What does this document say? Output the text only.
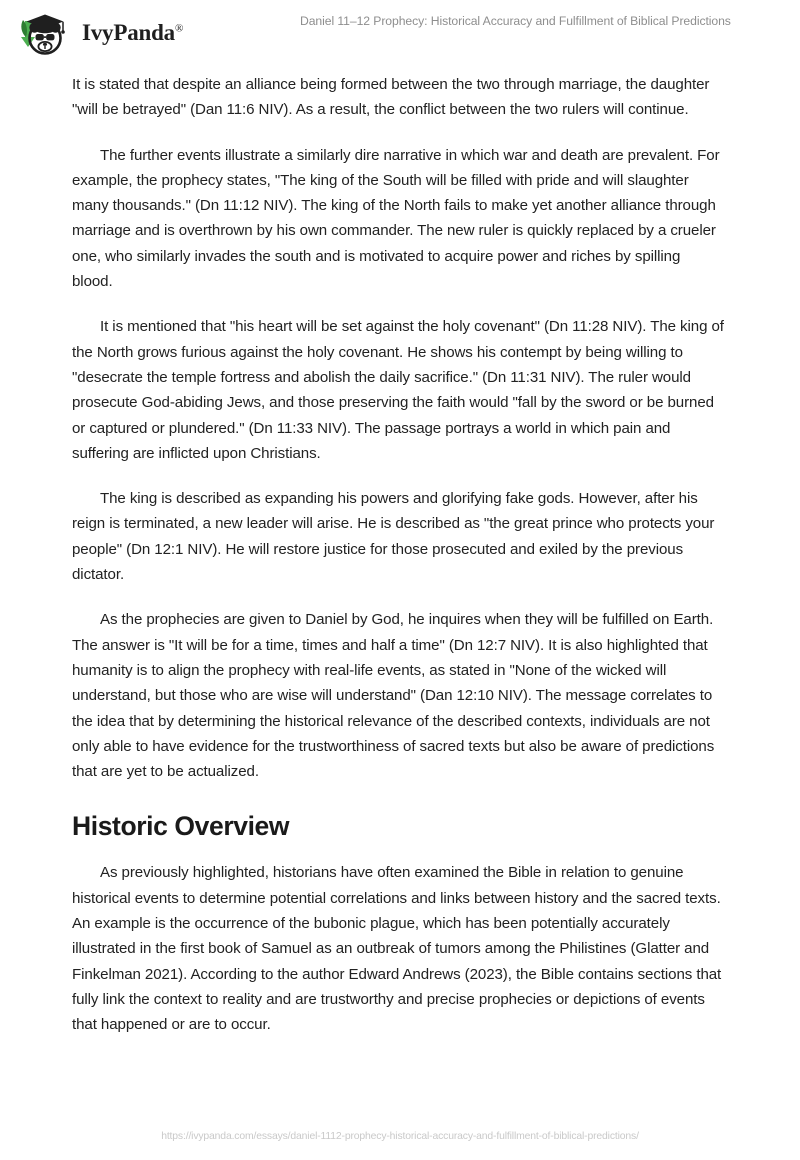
IvyPanda®
Daniel 11–12 Prophecy: Historical Accuracy and Fulfillment of Biblical Predictions

It is stated that despite an alliance being formed between the two through marriage, the daughter "will be betrayed" (Dan 11:6 NIV). As a result, the conflict between the two rulers will continue.

The further events illustrate a similarly dire narrative in which war and death are prevalent. For example, the prophecy states, "The king of the South will be filled with pride and will slaughter many thousands." (Dn 11:12 NIV). The king of the North fails to make yet another alliance through marriage and is overthrown by his own commander. The new ruler is quickly replaced by a crueler one, who similarly invades the south and is motivated to acquire power and riches by spilling blood.

It is mentioned that "his heart will be set against the holy covenant" (Dn 11:28 NIV). The king of the North grows furious against the holy covenant. He shows his contempt by being willing to "desecrate the temple fortress and abolish the daily sacrifice." (Dn 11:31 NIV). The ruler would prosecute God-abiding Jews, and those preserving the faith would "fall by the sword or be burned or captured or plundered." (Dn 11:33 NIV). The passage portrays a world in which pain and suffering are inflicted upon Christians.

The king is described as expanding his powers and glorifying fake gods. However, after his reign is terminated, a new leader will arise. He is described as "the great prince who protects your people" (Dn 12:1 NIV). He will restore justice for those prosecuted and exiled by the previous dictator.

As the prophecies are given to Daniel by God, he inquires when they will be fulfilled on Earth. The answer is "It will be for a time, times and half a time" (Dn 12:7 NIV). It is also highlighted that humanity is to align the prophecy with real-life events, as stated in "None of the wicked will understand, but those who are wise will understand" (Dan 12:10 NIV). The message correlates to the idea that by determining the historical relevance of the described contexts, individuals are not only able to have evidence for the trustworthiness of sacred texts but also be aware of predictions that are yet to be actualized.

Historic Overview

As previously highlighted, historians have often examined the Bible in relation to genuine historical events to determine potential correlations and links between history and the sacred texts. An example is the occurrence of the bubonic plague, which has been potentially accurately illustrated in the first book of Samuel as an outbreak of tumors among the Philistines (Glatter and Finkelman 2021). According to the author Edward Andrews (2023), the Bible contains sections that fully link the context to reality and are trustworthy and precise prophecies or depictions of events that happened or are to occur.

https://ivypanda.com/essays/daniel-1112-prophecy-historical-accuracy-and-fulfillment-of-biblical-predictions/
